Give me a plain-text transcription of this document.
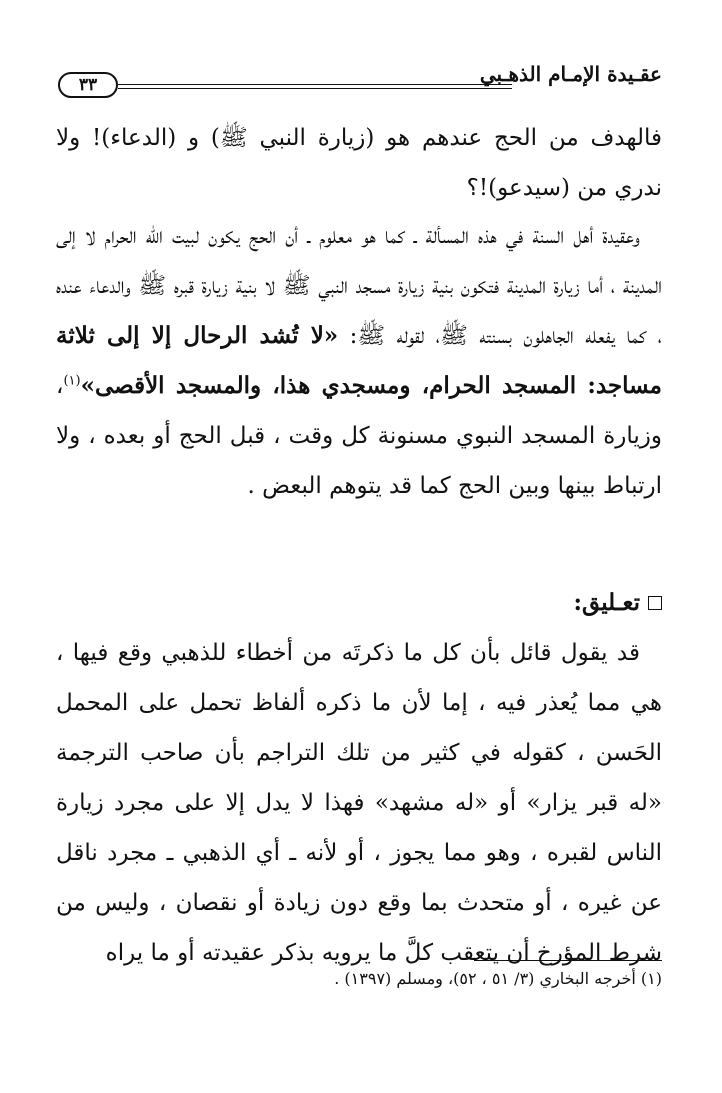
عقـيدة الإمـام الذهـبي
٣٣

فالهدف من الحج عندهم هو (زيارة النبي ﷺ) و (الدعاء)! ولا ندري من (سيدعو)!؟

وعقيدة أهل السنة في هذه المسألة ـ كما هو معلوم ـ أن الحج يكون لبيت الله الحرام لا إلى المدينة ، أما زيارة المدينة فتكون بنية زيارة مسجد النبي ﷺ لا بنية زيارة قبره ﷺ والدعاء عنده ، كما يفعله الجاهلون بسنته ﷺ، لقوله ﷺ: «لا تُشد الرحال إلا إلى ثلاثة مساجد: المسجد الحرام، ومسجدي هذا، والمسجد الأقصى»$^{(١)}$، وزيارة المسجد النبوي مسنونة كل وقت ، قبل الحج أو بعده ، ولا ارتباط بينها وبين الحج كما قد يتوهم البعض .

تعـليق:

قد يقول قائل بأن كل ما ذكرتَه من أخطاء للذهبي وقع فيها ، هي مما يُعذر فيه ، إما لأن ما ذكره ألفاظ تحمل على المحمل الحَسن ، كقوله في كثير من تلك التراجم بأن صاحب الترجمة «له قبر يزار» أو «له مشهد» فهذا لا يدل إلا على مجرد زيارة الناس لقبره ، وهو مما يجوز ، أو لأنه ـ أي الذهبي ـ مجرد ناقل عن غيره ، أو متحدث بما وقع دون زيادة أو نقصان ، وليس من شرط المؤرخ أن يتعقب كلَّ ما يرويه بذكر عقيدته أو ما يراه

(١) أخرجه البخاري (٣/ ٥١ ، ٥٢)، ومسلم (١٣٩٧) .
